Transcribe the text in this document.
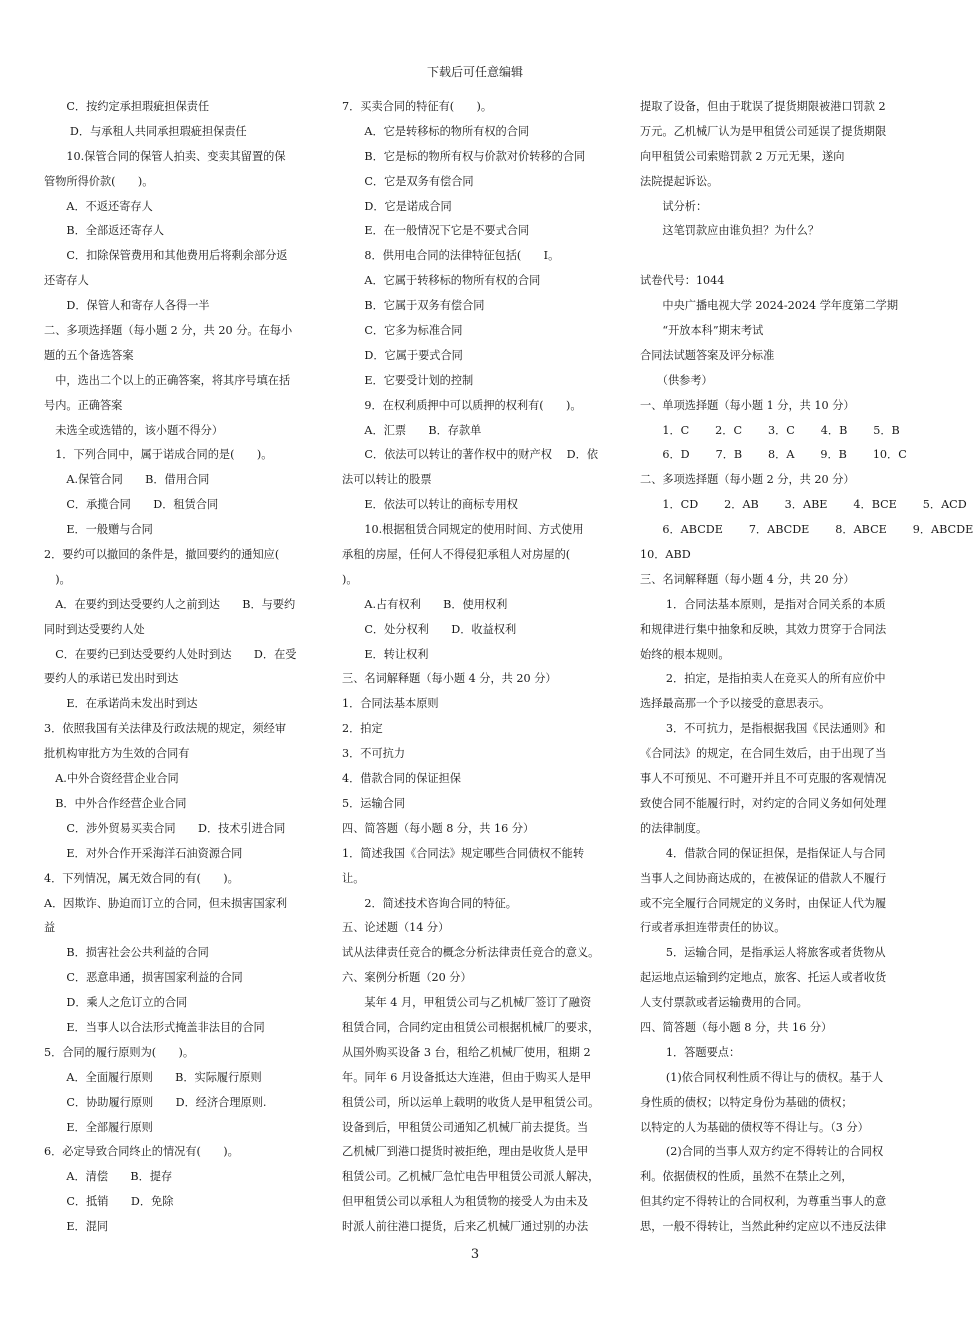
下载后可任意编辑
　　C．按约定承担瑕疵担保责任
　　 D．与承租人共同承担瑕疵担保责任
　　10.保管合同的保管人拍卖、变卖其留置的保
管物所得价款(　　)。
　　A．不返还寄存人
　　B．全部返还寄存人
　　C．扣除保管费用和其他费用后将剩余部分返
还寄存人
　　D．保管人和寄存人各得一半
二、多项选择题（每小题 2 分，共 20 分。在每小
题的五个备选答案
　中，选出二个以上的正确答案，将其序号填在括
号内。正确答案
　未选全或选错的，该小题不得分）
　1．下列合同中，属于诺成合同的是(　　)。
　　A.保管合同　　B．借用合同
　　C．承揽合同　　D．租赁合同
　　E．一般赠与合同
2．要约可以撤回的条件是，撤回要约的通知应(
　)。
　A．在要约到达受要约人之前到达　　B．与要约
同时到达受要约人处
　C．在要约已到达受要约人处时到达　　D．在受
要约人的承诺已发出时到达
　　E．在承诺尚未发出时到达
3．依照我国有关法律及行政法规的规定，须经审
批机构审批方为生效的合同有
　A.中外合资经营企业合同
　B．中外合作经营企业合同
　　C．涉外贸易买卖合同　　D．技术引进合同
　　E．对外合作开采海洋石油资源合同
4．下列情况，属无效合同的有(　　)。
A．因欺诈、胁迫而订立的合同，但未损害国家利
益
　　B．损害社会公共利益的合同
　　C．恶意串通，损害国家利益的合同
　　D．乘人之危订立的合同
　　E．当事人以合法形式掩盖非法目的合同
5．合同的履行原则为(　　)。
　　A．全面履行原则　　B．实际履行原则
　　C．协助履行原则　　D．经济合理原则.
　　E．全部履行原则
6．必定导致合同终止的情况有(　　)。
　　A．清偿　　B．提存
　　C．抵销　　D．免除
　　E．混同
7．买卖合同的特征有(　　)。
　　A．它是转移标的物所有权的合同
　　B．它是标的物所有权与价款对价转移的合同
　　C．它是双务有偿合同
　　D．它是诺成合同
　　E．在一般情况下它是不要式合同
　　8．供用电合同的法律特征包括(　　I。
　　A．它属于转移标的物所有权的合同
　　B．它属于双务有偿合同
　　C．它多为标准合同
　　D．它属于要式合同
　　E．它要受计划的控制
　　9．在权利质押中可以质押的权利有(　　)。
　　A．汇票　　B．存款单
　　C．依法可以转让的著作权中的财产权　 D．依
法可以转让的股票
　　E．依法可以转让的商标专用权
　　10.根据租赁合同规定的使用时间、方式使用
承租的房屋，任何人不得侵犯承租人对房屋的(
)。
　　A.占有权利　　B．使用权利
　　C．处分权利　　D．收益权利
　　E．转让权利
三、名词解释题（每小题 4 分，共 20 分）
1．合同法基本原则
2．拍定
3．不可抗力
4．借款合同的保证担保
5．运输合同
四、简答题（每小题 8 分，共 16 分）
1．简述我国《合同法》规定哪些合同债权不能转
让。
　　2．简述技术咨询合同的特征。
五、论述题（14 分）
试从法律责任竞合的概念分析法律责任竞合的意义。
六、案例分析题（20 分）
　　某年 4 月，甲租赁公司与乙机械厂签订了融资
租赁合同，合同约定由租赁公司根据机械厂的要求，
从国外购买设备 3 台，租给乙机械厂使用，租期 2
年。同年 6 月设备抵达大连港，但由于购买人是甲
租赁公司，所以运单上载明的收货人是甲租赁公司。
设备到后，甲租赁公司通知乙机械厂前去提货。当
乙机械厂到港口提货时被拒绝，理由是收货人是甲
租赁公司。乙机械厂急忙电告甲租赁公司派人解决，
但甲租赁公司以承租人为租赁物的接受人为由未及
时派人前往港口提货，后来乙机械厂通过别的办法
提取了设备，但由于耽误了提货期限被港口罚款 2
万元。乙机械厂认为是甲租赁公司延误了提货期限
向甲租赁公司索赔罚款 2 万元无果，遂向
法院提起诉讼。
　　试分析：
　　这笔罚款应由谁负担？为什么？
试卷代号：1044
　　中央广播电视大学 2024-2024 学年度第二学期
　　“开放本科”期末考试
合同法试题答案及评分标准
　　（供参考）
一、单项选择题（每小题 1 分，共 10 分）
　　1．C　　 2．C　　 3．C　　 4．B　　 5．B
　　6．D　　 7．B　　 8．A　　 9．B　　 10．C
二、多项选择题（每小题 2 分，共 20 分）
　　1．CD　　 2．AB　　 3．ABE　　 4．BCE　　 5．ACD
　　6．ABCDE　　 7．ABCDE　　 8．ABCE　　 9．ABCDE
10．ABD
三、名词解释题（每小题 4 分，共 20 分）
　　 1．合同法基本原则，是指对合同关系的本质
和规律进行集中抽象和反映，其效力贯穿于合同法
始终的根本规则。
　　 2．拍定，是指拍卖人在竞买人的所有应价中
选择最高那一个予以接受的意思表示。
　　 3．不可抗力，是指根据我国《民法通则》和
《合同法》的规定，在合同生效后，由于出现了当
事人不可预见、不可避开并且不可克服的客观情况
致使合同不能履行时，对约定的合同义务如何处理
的法律制度。
　　 4．借款合同的保证担保，是指保证人与合同
当事人之间协商达成的，在被保证的借款人不履行
或不完全履行合同规定的义务时，由保证人代为履
行或者承担连带责任的协议。
　　 5．运输合同，是指承运人将旅客或者货物从
起运地点运输到约定地点，旅客、托运人或者收货
人支付票款或者运输费用的合同。
四、简答题（每小题 8 分，共 16 分）
　　 1．答题要点：
　　 (1)依合同权利性质不得让与的债权。基于人
身性质的债权；以特定身份为基础的债权；
以特定的人为基础的债权等不得让与。（3 分）
　　 (2)合同的当事人双方约定不得转让的合同权
利。依据债权的性质，虽然不在禁止之列，
但其约定不得转让的合同权利，为尊重当事人的意
思，一般不得转让，当然此种约定应以不违反法律
3
